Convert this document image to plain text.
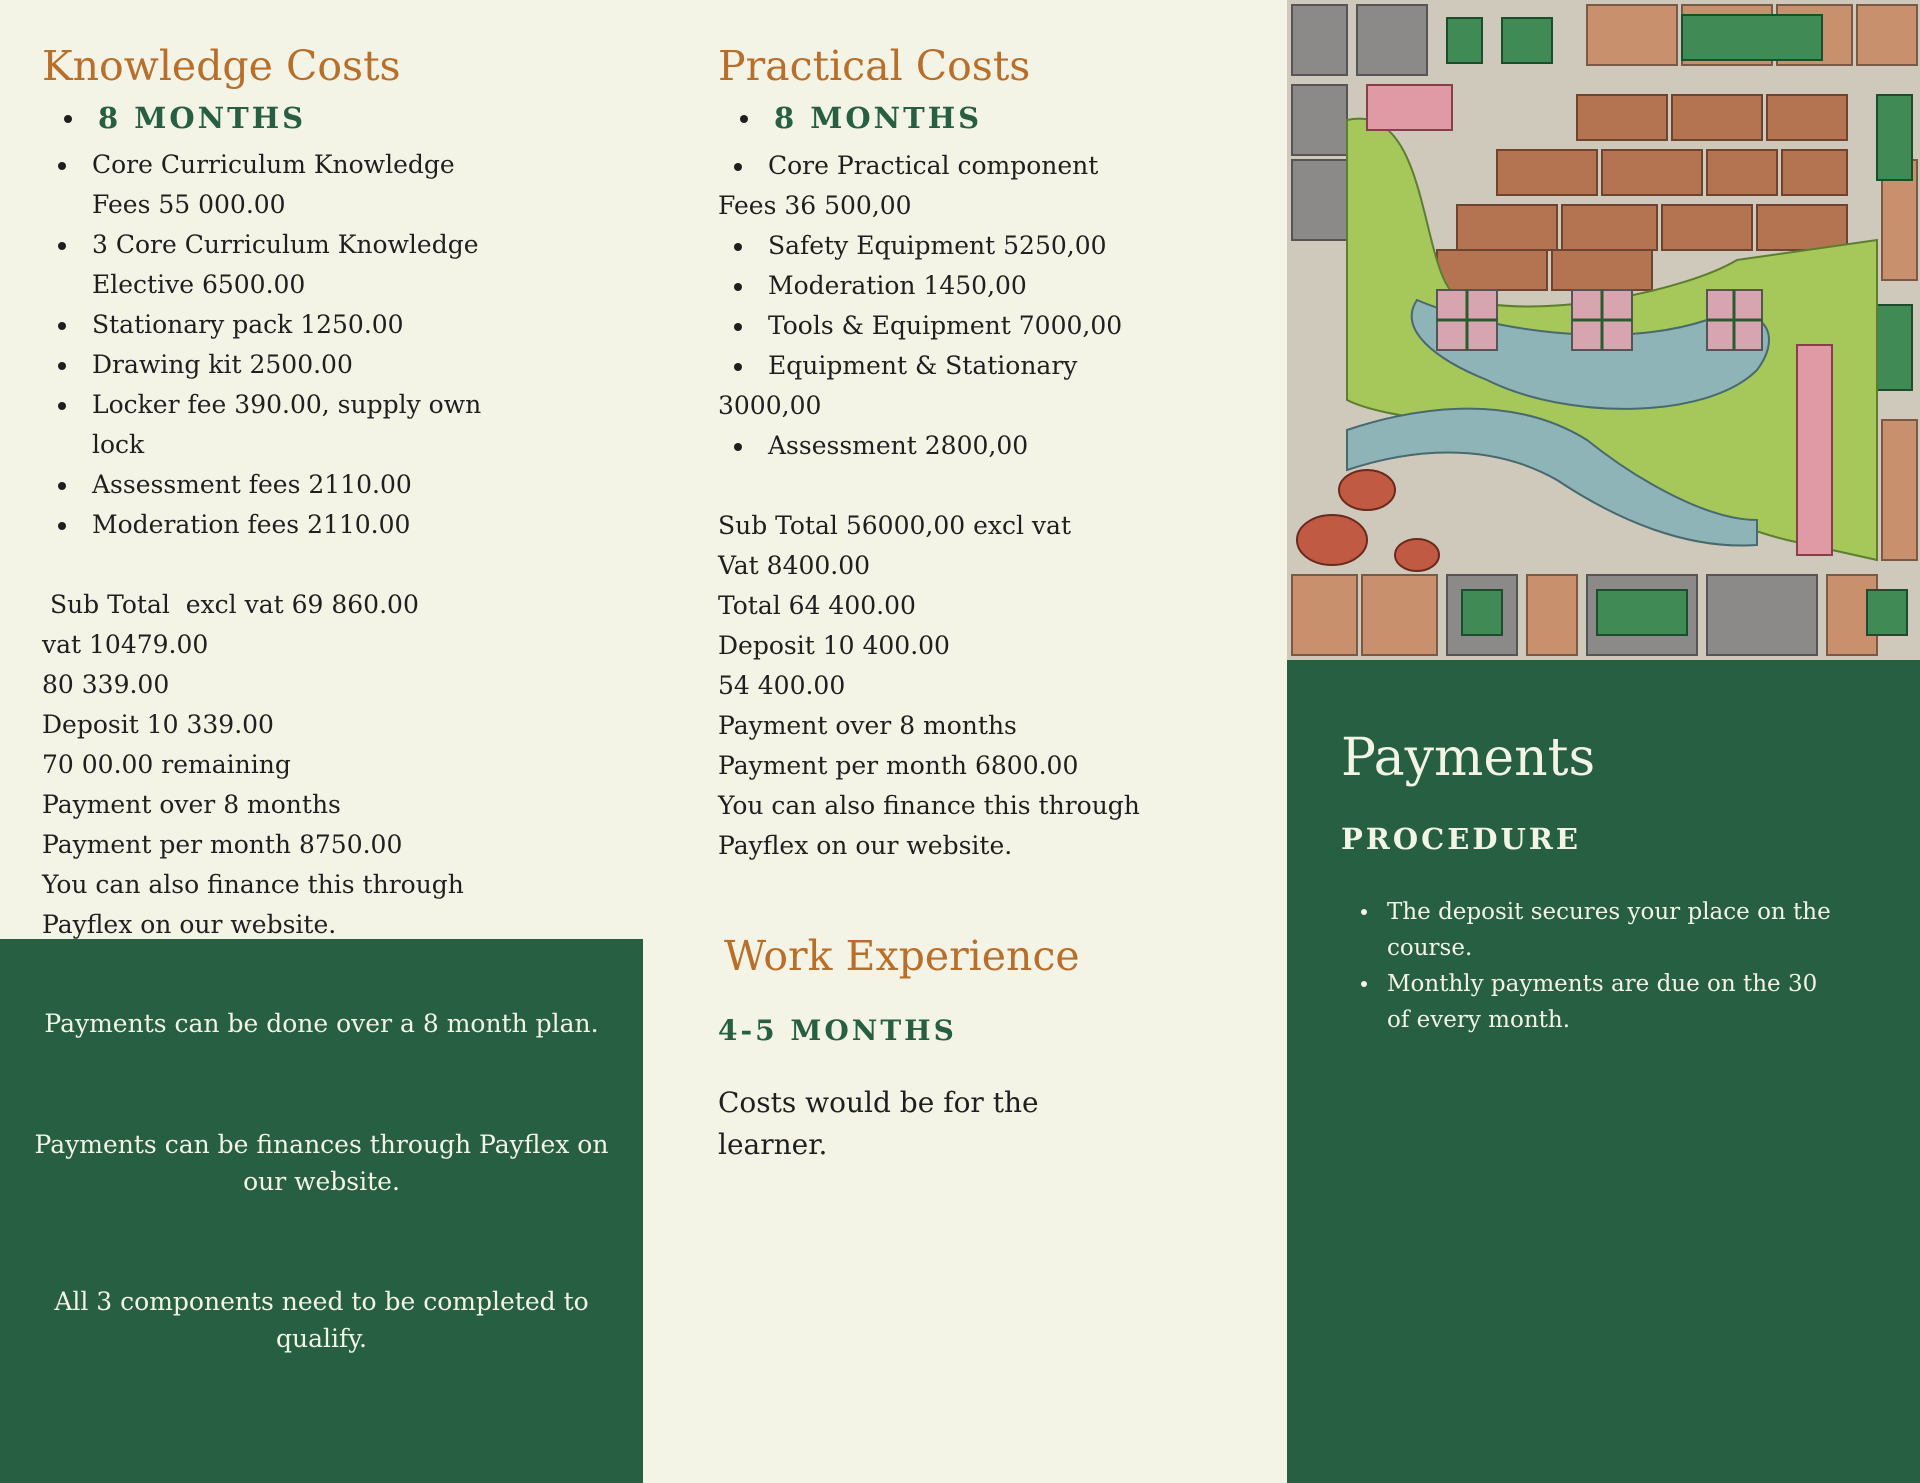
Knowledge Costs
8 MONTHS
Core Curriculum Knowledge Fees 55 000.00
3 Core Curriculum Knowledge Elective 6500.00
Stationary pack 1250.00
Drawing kit 2500.00
Locker fee 390.00, supply own lock
Assessment fees 2110.00
Moderation fees 2110.00
Sub Total  excl vat 69 860.00
vat 10479.00
80 339.00
Deposit 10 339.00
70 00.00 remaining
Payment over 8 months
Payment per month 8750.00
You can also finance this through
Payflex on our website.

Payments can be done over a 8 month plan.

Payments can be finances through Payflex on our website.

All 3 components need to be completed to qualify.

Practical Costs
8 MONTHS
Core Practical component
Fees 36 500,00
Safety Equipment 5250,00
Moderation 1450,00
Tools & Equipment 7000,00
Equipment & Stationary
3000,00
Assessment 2800,00
Sub Total 56000,00 excl vat
Vat 8400.00
Total 64 400.00
Deposit 10 400.00
54 400.00
Payment over 8 months
Payment per month 6800.00
You can also finance this through
Payflex on our website.
Work Experience
4-5 MONTHS
Costs would be for the learner.
Payments
PROCEDURE
The deposit secures your place on the course.
Monthly payments are due on the 30 of every month.
